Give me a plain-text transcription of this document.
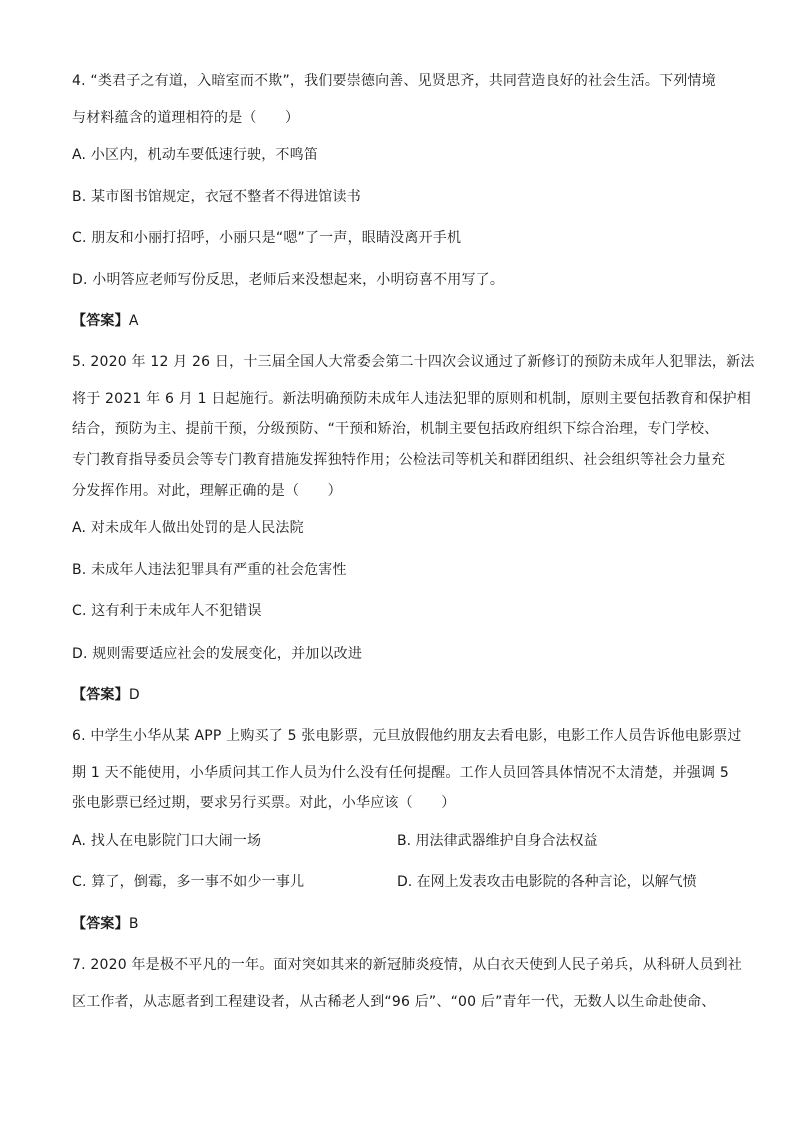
4. “类君子之有道，入暗室而不欺”，我们要崇德向善、见贤思齐，共同营造良好的社会生活。下列情境
与材料蕴含的道理相符的是（　　）
A. 小区内，机动车要低速行驶，不鸣笛
B. 某市图书馆规定，衣冠不整者不得进馆读书
C. 朋友和小丽打招呼，小丽只是“嗯”了一声，眼睛没离开手机
D. 小明答应老师写份反思，老师后来没想起来，小明窃喜不用写了。
【答案】A
5. 2020 年 12 月 26 日，十三届全国人大常委会第二十四次会议通过了新修订的预防未成年人犯罪法，新法
将于 2021 年 6 月 1 日起施行。新法明确预防未成年人违法犯罪的原则和机制，原则主要包括教育和保护相
结合，预防为主、提前干预，分级预防、“干预和矫治，机制主要包括政府组织下综合治理，专门学校、
专门教育指导委员会等专门教育措施发挥独特作用；公检法司等机关和群团组织、社会组织等社会力量充
分发挥作用。对此，理解正确的是（　　）
A. 对未成年人做出处罚的是人民法院
B. 未成年人违法犯罪具有严重的社会危害性
C. 这有利于未成年人不犯错误
D. 规则需要适应社会的发展变化，并加以改进
【答案】D
6. 中学生小华从某 APP 上购买了 5 张电影票，元旦放假他约朋友去看电影，电影工作人员告诉他电影票过
期 1 天不能使用，小华质问其工作人员为什么没有任何提醒。工作人员回答具体情况不太清楚，并强调 5
张电影票已经过期，要求另行买票。对此，小华应该（　　）
A. 找人在电影院门口大闹一场	B. 用法律武器维护自身合法权益
C. 算了，倒霉，多一事不如少一事儿	D. 在网上发表攻击电影院的各种言论，以解气愤
【答案】B
7. 2020 年是极不平凡的一年。面对突如其来的新冠肺炎疫情，从白衣天使到人民子弟兵，从科研人员到社
区工作者，从志愿者到工程建设者，从古稀老人到“96 后”、“00 后”青年一代，无数人以生命赴使命、
